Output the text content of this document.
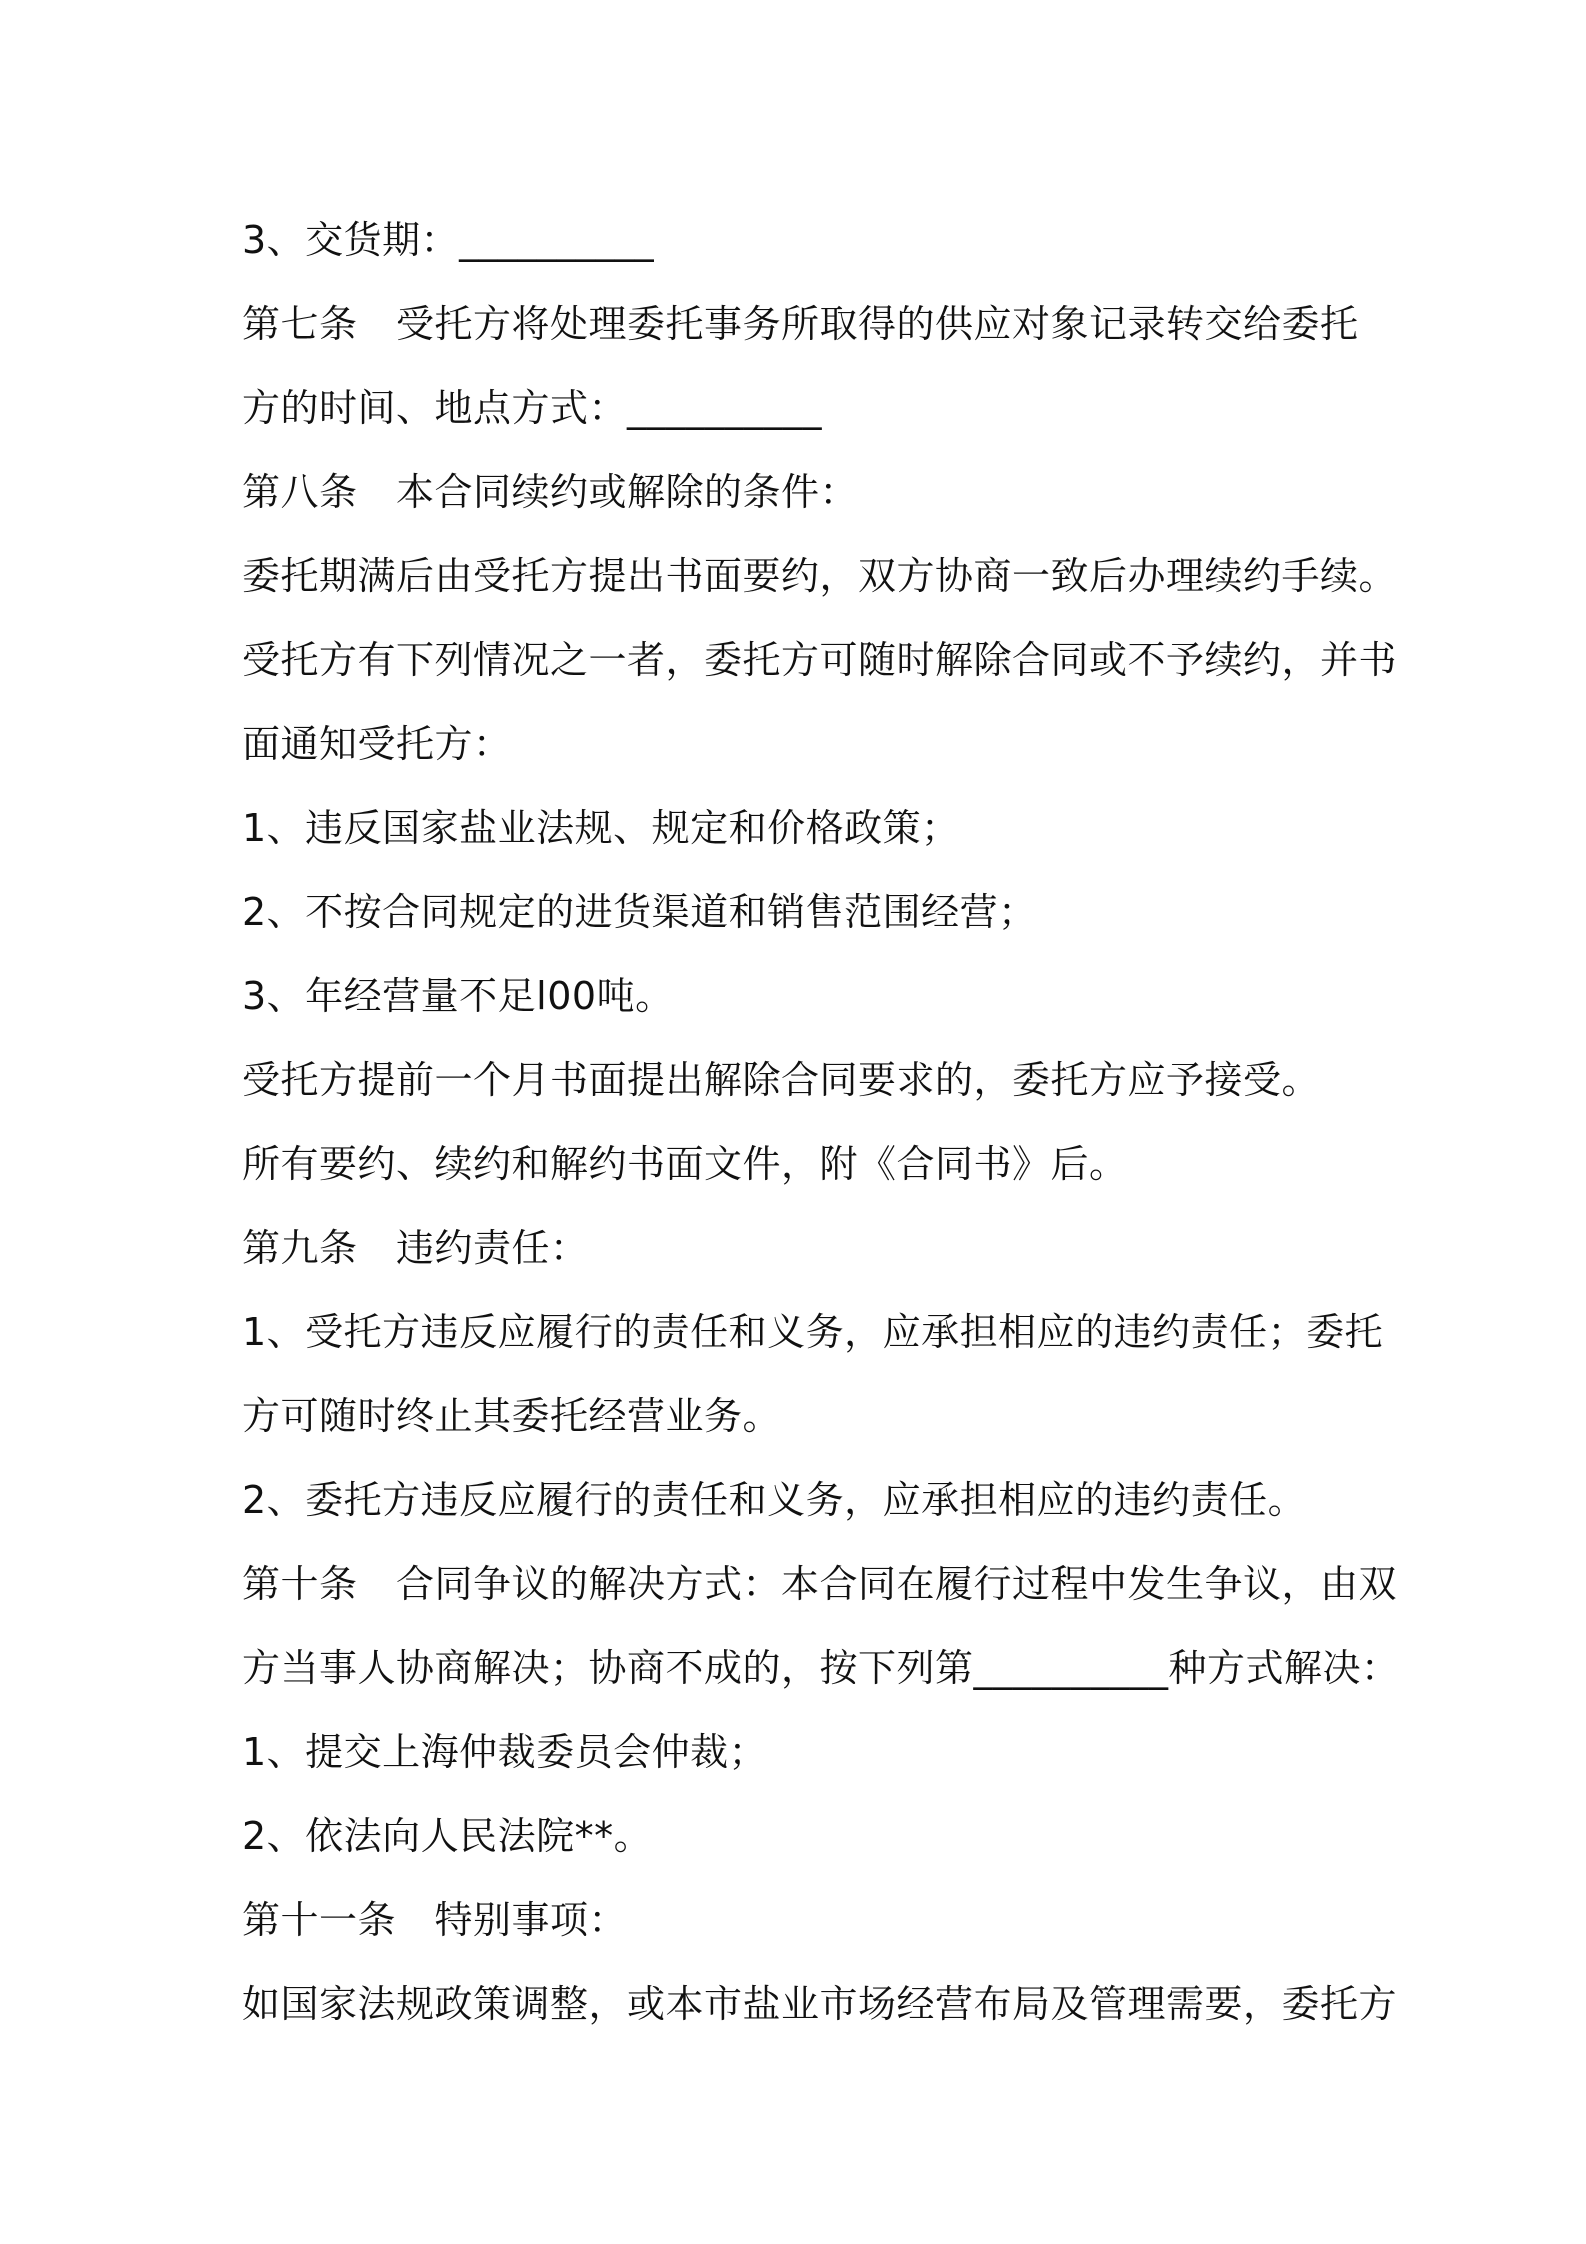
3、交货期：__________
第七条　受托方将处理委托事务所取得的供应对象记录转交给委托
方的时间、地点方式：__________
第八条　本合同续约或解除的条件：
委托期满后由受托方提出书面要约，双方协商一致后办理续约手续。
受托方有下列情况之一者，委托方可随时解除合同或不予续约，并书
面通知受托方：
1、违反国家盐业法规、规定和价格政策；
2、不按合同规定的进货渠道和销售范围经营；
3、年经营量不足l00吨。
受托方提前一个月书面提出解除合同要求的，委托方应予接受。
所有要约、续约和解约书面文件，附《合同书》后。
第九条　违约责任：
1、受托方违反应履行的责任和义务，应承担相应的违约责任；委托
方可随时终止其委托经营业务。
2、委托方违反应履行的责任和义务，应承担相应的违约责任。
第十条　合同争议的解决方式：本合同在履行过程中发生争议，由双
方当事人协商解决；协商不成的，按下列第__________种方式解决：
1、提交上海仲裁委员会仲裁；
2、依法向人民法院**。
第十一条　特别事项：
如国家法规政策调整，或本市盐业市场经营布局及管理需要，委托方
